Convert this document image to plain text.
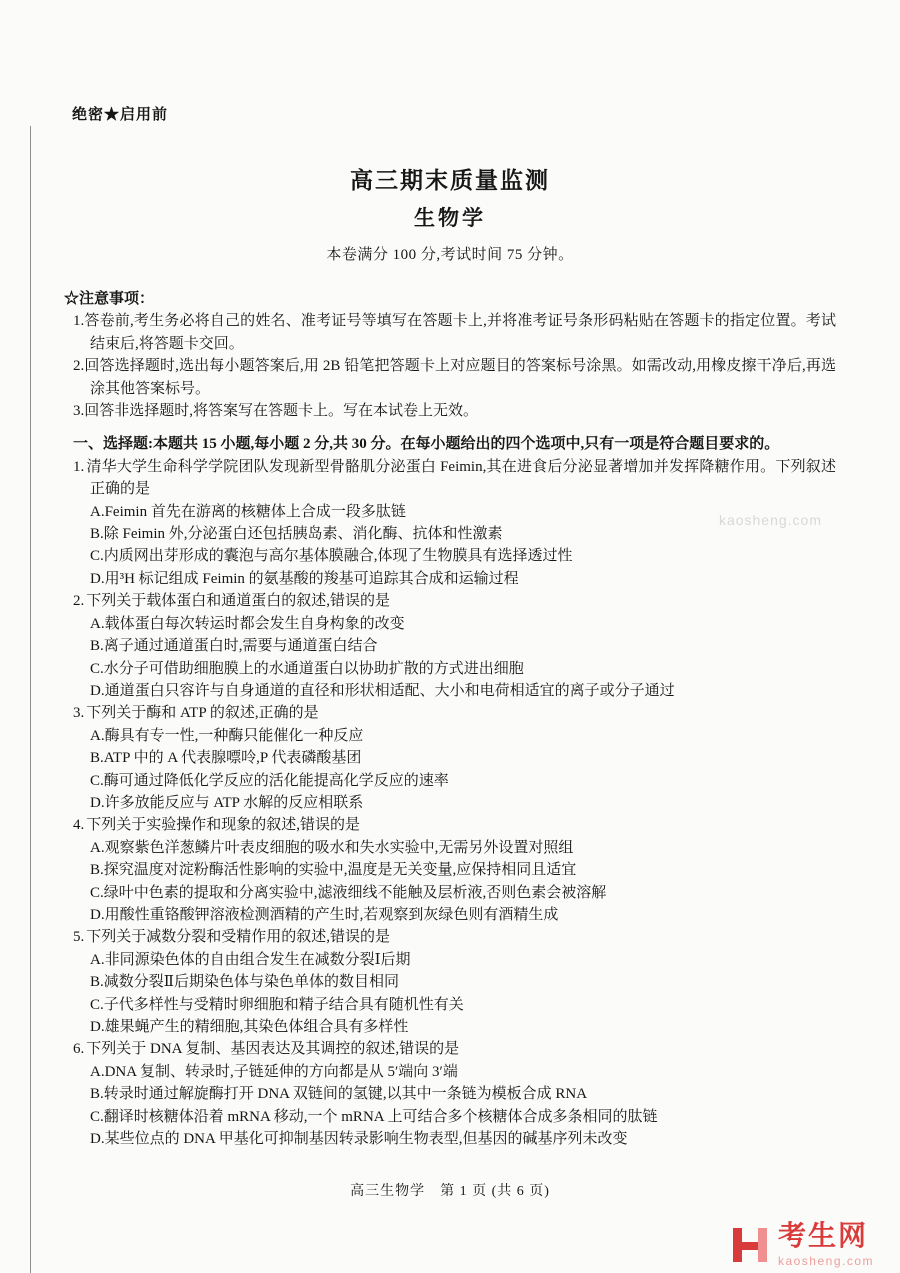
绝密★启用前
高三期末质量监测
生物学

本卷满分 100 分,考试时间 75 分钟。

☆注意事项：

1.答卷前,考生务必将自己的姓名、准考证号等填写在答题卡上,并将准考证号条形码粘贴在答题卡的指定位置。考试结束后,将答题卡交回。

2.回答选择题时,选出每小题答案后,用 2B 铅笔把答题卡上对应题目的答案标号涂黑。如需改动,用橡皮擦干净后,再选涂其他答案标号。

3.回答非选择题时,将答案写在答题卡上。写在本试卷上无效。

一、选择题:本题共 15 小题,每小题 2 分,共 30 分。在每小题给出的四个选项中,只有一项是符合题目要求的。

1. 清华大学生命科学学院团队发现新型骨骼肌分泌蛋白 Feimin,其在进食后分泌显著增加并发挥降糖作用。下列叙述正确的是

A.Feimin 首先在游离的核糖体上合成一段多肽链

B.除 Feimin 外,分泌蛋白还包括胰岛素、消化酶、抗体和性激素

C.内质网出芽形成的囊泡与高尔基体膜融合,体现了生物膜具有选择透过性

D.用³H 标记组成 Feimin 的氨基酸的羧基可追踪其合成和运输过程

2. 下列关于载体蛋白和通道蛋白的叙述,错误的是

A.载体蛋白每次转运时都会发生自身构象的改变

B.离子通过通道蛋白时,需要与通道蛋白结合

C.水分子可借助细胞膜上的水通道蛋白以协助扩散的方式进出细胞

D.通道蛋白只容许与自身通道的直径和形状相适配、大小和电荷相适宜的离子或分子通过

3. 下列关于酶和 ATP 的叙述,正确的是

A.酶具有专一性,一种酶只能催化一种反应

B.ATP 中的 A 代表腺嘌呤,P 代表磷酸基团

C.酶可通过降低化学反应的活化能提高化学反应的速率

D.许多放能反应与 ATP 水解的反应相联系

4. 下列关于实验操作和现象的叙述,错误的是

A.观察紫色洋葱鳞片叶表皮细胞的吸水和失水实验中,无需另外设置对照组

B.探究温度对淀粉酶活性影响的实验中,温度是无关变量,应保持相同且适宜

C.绿叶中色素的提取和分离实验中,滤液细线不能触及层析液,否则色素会被溶解

D.用酸性重铬酸钾溶液检测酒精的产生时,若观察到灰绿色则有酒精生成

5. 下列关于减数分裂和受精作用的叙述,错误的是

A.非同源染色体的自由组合发生在减数分裂Ⅰ后期

B.减数分裂Ⅱ后期染色体与染色单体的数目相同

C.子代多样性与受精时卵细胞和精子结合具有随机性有关

D.雄果蝇产生的精细胞,其染色体组合具有多样性

6. 下列关于 DNA 复制、基因表达及其调控的叙述,错误的是

A.DNA 复制、转录时,子链延伸的方向都是从 5′端向 3′端

B.转录时通过解旋酶打开 DNA 双链间的氢键,以其中一条链为模板合成 RNA

C.翻译时核糖体沿着 mRNA 移动,一个 mRNA 上可结合多个核糖体合成多条相同的肽链

D.某些位点的 DNA 甲基化可抑制基因转录影响生物表型,但基因的碱基序列未改变

高三生物学　第 1 页 (共 6 页)
kaosheng.com
考生网
kaosheng.com
